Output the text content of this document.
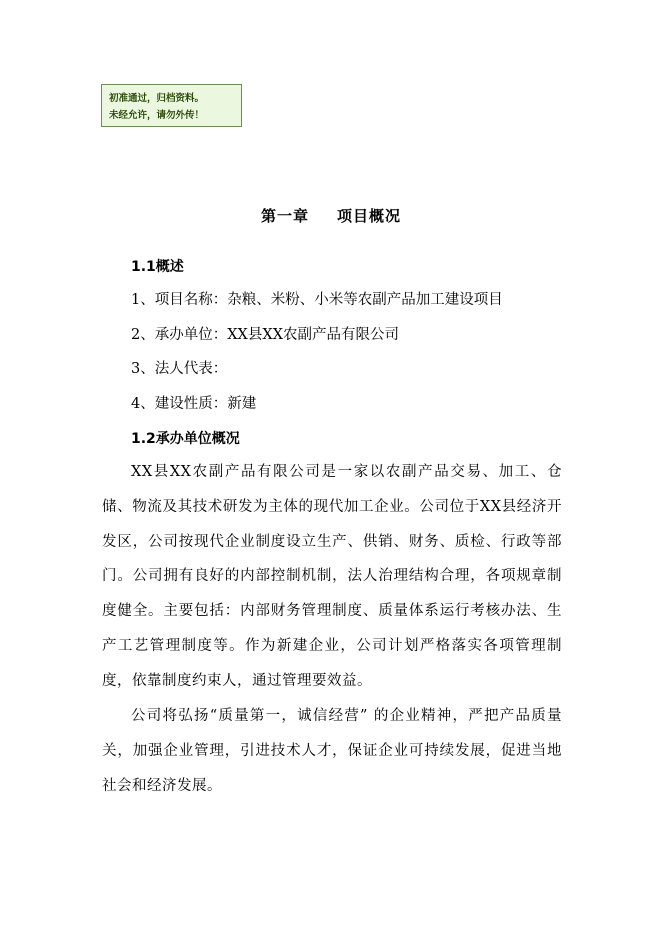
初准通过，归档资料。
未经允许，请勿外传！
第一章 项目概况
1.1概述
1、项目名称：杂粮、米粉、小米等农副产品加工建设项目
2、承办单位：XX县XX农副产品有限公司
3、法人代表：
4、建设性质：新建
1.2承办单位概况

XX县XX农副产品有限公司是一家以农副产品交易、加工、仓储、物流及其技术研发为主体的现代加工企业。公司位于XX县经济开发区，公司按现代企业制度设立生产、供销、财务、质检、行政等部门。公司拥有良好的内部控制机制，法人治理结构合理，各项规章制度健全。主要包括：内部财务管理制度、质量体系运行考核办法、生产工艺管理制度等。作为新建企业，公司计划严格落实各项管理制度，依靠制度约束人，通过管理要效益。

公司将弘扬“质量第一，诚信经营” 的企业精神，严把产品质量关，加强企业管理，引进技术人才，保证企业可持续发展，促进当地社会和经济发展。
